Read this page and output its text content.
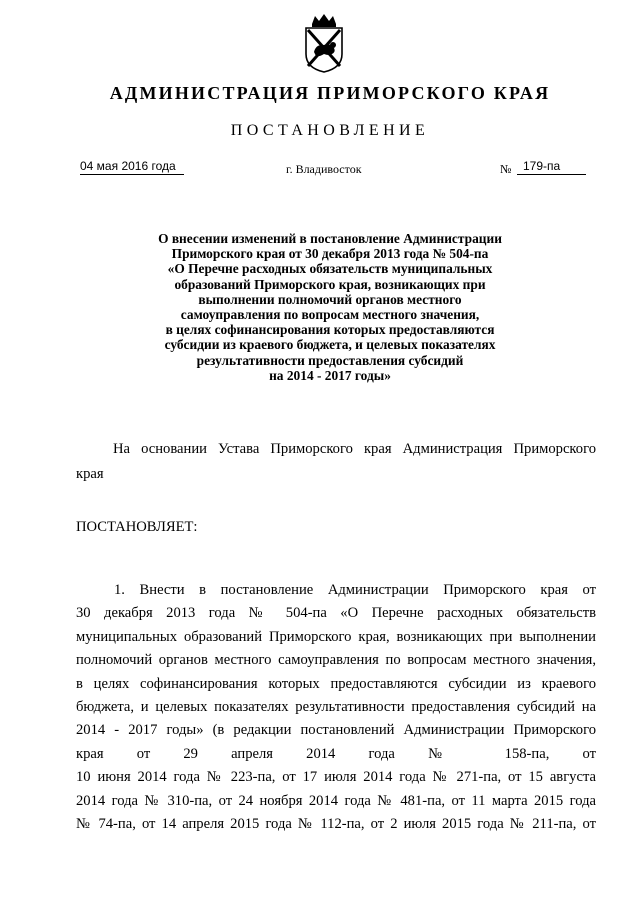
АДМИНИСТРАЦИЯ ПРИМОРСКОГО КРАЯ
ПОСТАНОВЛЕНИЕ
04 мая 2016 года	г. Владивосток	№ 179-па
О внесении изменений в постановление Администрации
Приморского края от 30 декабря 2013 года № 504-па
«О Перечне расходных обязательств муниципальных
образований Приморского края, возникающих при
выполнении полномочий органов местного
самоуправления по вопросам местного значения,
в целях софинансирования которых предоставляются
субсидии из краевого бюджета, и целевых показателях
результативности предоставления субсидий
на 2014 - 2017 годы»
На основании Устава Приморского края Администрация Приморского
края
ПОСТАНОВЛЯЕТ:
1. Внести в постановление Администрации Приморского края от
30 декабря 2013 года № 504-па «О Перечне расходных обязательств
муниципальных образований Приморского края, возникающих при выполнении
полномочий органов местного самоуправления по вопросам местного значения,
в целях софинансирования которых предоставляются субсидии из краевого
бюджета, и целевых показателях результативности предоставления субсидий на
2014 - 2017 годы» (в редакции постановлений Администрации Приморского
края от 29 апреля 2014 года № 158-па, от
10 июня 2014 года № 223-па, от 17 июля 2014 года № 271-па, от 15 августа
2014 года № 310-па, от 24 ноября 2014 года № 481-па, от 11 марта 2015 года
№ 74-па, от 14 апреля 2015 года № 112-па, от 2 июля 2015 года № 211-па, от
